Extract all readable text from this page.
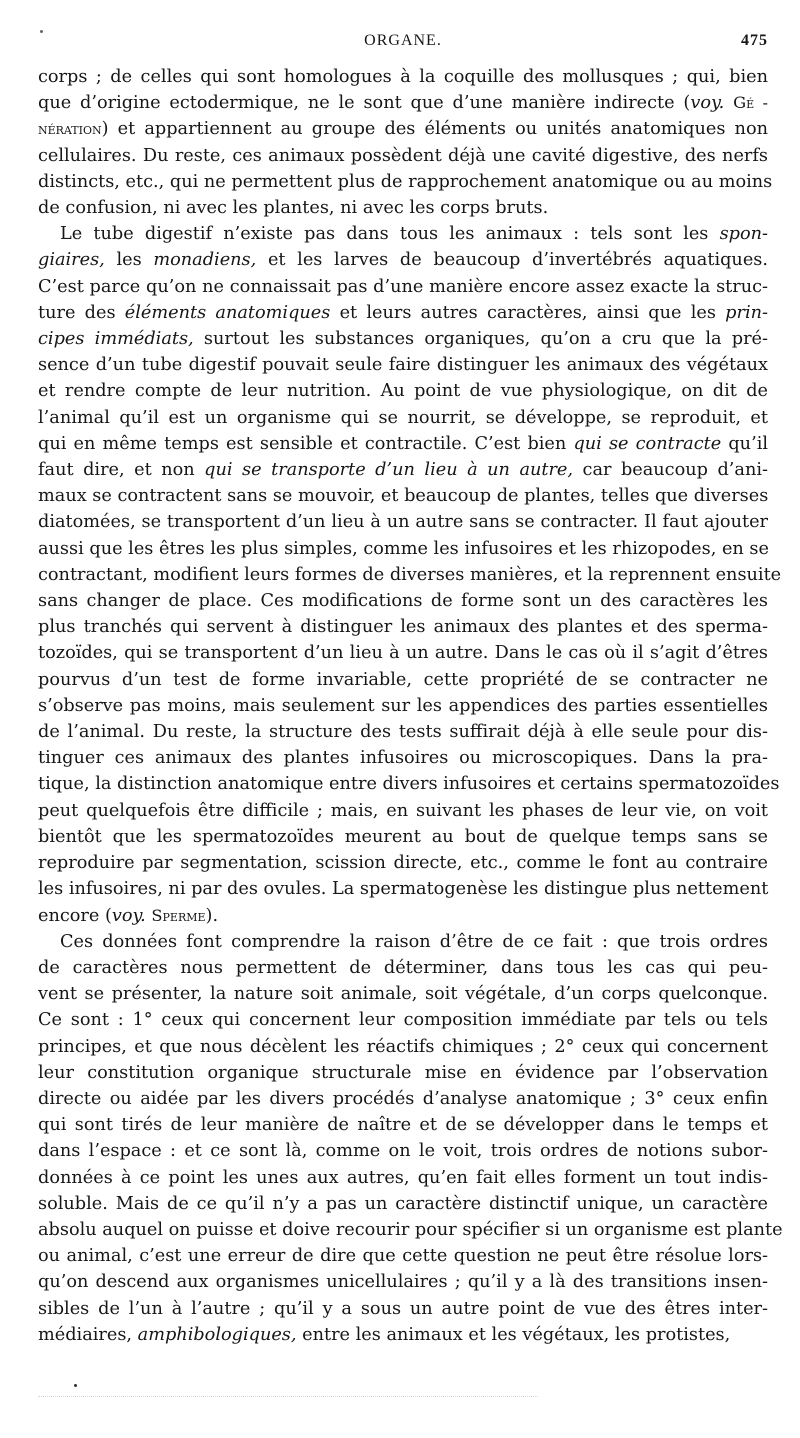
ORGANE.	475
corps ; de celles qui sont homologues à la coquille des mollusques ; qui, bien
que d’origine ectodermique, ne le sont que d’une manière indirecte (voy. Gé -
nération) et appartiennent au groupe des éléments ou unités anatomiques non
cellulaires. Du reste, ces animaux possèdent déjà une cavité digestive, des nerfs
distincts, etc., qui ne permettent plus de rapprochement anatomique ou au moins
de confusion, ni avec les plantes, ni avec les corps bruts.
Le tube digestif n’existe pas dans tous les animaux : tels sont les spon-
giaires, les monadiens, et les larves de beaucoup d’invertébrés aquatiques.
C’est parce qu’on ne connaissait pas d’une manière encore assez exacte la struc-
ture des éléments anatomiques et leurs autres caractères, ainsi que les prin-
cipes immédiats, surtout les substances organiques, qu’on a cru que la pré-
sence d’un tube digestif pouvait seule faire distinguer les animaux des végétaux
et rendre compte de leur nutrition. Au point de vue physiologique, on dit de
l’animal qu’il est un organisme qui se nourrit, se développe, se reproduit, et
qui en même temps est sensible et contractile. C’est bien qui se contracte qu’il
faut dire, et non qui se transporte d’un lieu à un autre, car beaucoup d’ani-
maux se contractent sans se mouvoir, et beaucoup de plantes, telles que diverses
diatomées, se transportent d’un lieu à un autre sans se contracter. Il faut ajouter
aussi que les êtres les plus simples, comme les infusoires et les rhizopodes, en se
contractant, modifient leurs formes de diverses manières, et la reprennent ensuite
sans changer de place. Ces modifications de forme sont un des caractères les
plus tranchés qui servent à distinguer les animaux des plantes et des sperma-
tozoïdes, qui se transportent d’un lieu à un autre. Dans le cas où il s’agit d’êtres
pourvus d’un test de forme invariable, cette propriété de se contracter ne
s’observe pas moins, mais seulement sur les appendices des parties essentielles
de l’animal. Du reste, la structure des tests suffirait déjà à elle seule pour dis-
tinguer ces animaux des plantes infusoires ou microscopiques. Dans la pra-
tique, la distinction anatomique entre divers infusoires et certains spermatozoïdes
peut quelquefois être difficile ; mais, en suivant les phases de leur vie, on voit
bientôt que les spermatozoïdes meurent au bout de quelque temps sans se
reproduire par segmentation, scission directe, etc., comme le font au contraire
les infusoires, ni par des ovules. La spermatogenèse les distingue plus nettement
encore (voy. Sperme).
Ces données font comprendre la raison d’être de ce fait : que trois ordres
de caractères nous permettent de déterminer, dans tous les cas qui peu-
vent se présenter, la nature soit animale, soit végétale, d’un corps quelconque.
Ce sont : 1° ceux qui concernent leur composition immédiate par tels ou tels
principes, et que nous décèlent les réactifs chimiques ; 2° ceux qui concernent
leur constitution organique structurale mise en évidence par l’observation
directe ou aidée par les divers procédés d’analyse anatomique ; 3° ceux enfin
qui sont tirés de leur manière de naître et de se développer dans le temps et
dans l’espace : et ce sont là, comme on le voit, trois ordres de notions subor-
données à ce point les unes aux autres, qu’en fait elles forment un tout indis-
soluble. Mais de ce qu’il n’y a pas un caractère distinctif unique, un caractère
absolu auquel on puisse et doive recourir pour spécifier si un organisme est plante
ou animal, c’est une erreur de dire que cette question ne peut être résolue lors-
qu’on descend aux organismes unicellulaires ; qu’il y a là des transitions insen-
sibles de l’un à l’autre ; qu’il y a sous un autre point de vue des êtres inter-
médiaires, amphibologiques, entre les animaux et les végétaux, les protistes,
